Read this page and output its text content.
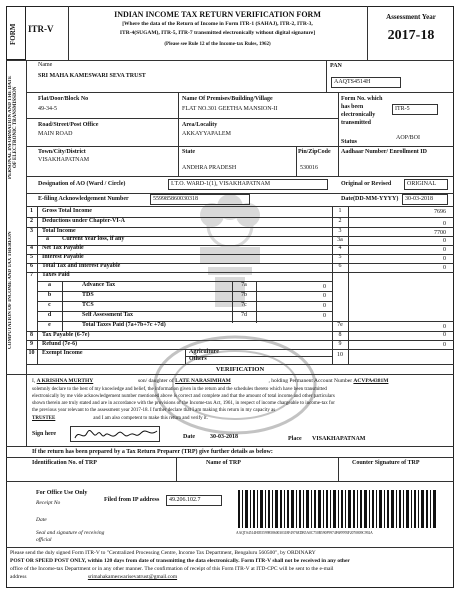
FORM ITR-V
INDIAN INCOME TAX RETURN VERIFICATION FORM
[Where the data of the Return of Income in Form ITR-1 (SAHAJ), ITR-2, ITR-3,
ITR-4(SUGAM), ITR-5, ITR-7 transmitted electronically without digital signature]
(Please see Rule 12 of the Income-tax Rules, 1962)
Assessment Year
2017-18
PERSONAL INFORMATION AND THE DATE OF ELECTRONIC TRANSMISSION
COMPUTATION OF INCOME AND TAX THEREON
Name	PAN
SRI MAHA KAMESWARI SEVA TRUST
AAQTS4514H
Flat/Door/Block No
49-34-5
Name Of Premises/Building/Village
FLAT NO.301 GEETHA MANSION-II
Form No. which has been electronically transmitted
ITR-5
Road/Street/Post Office
MAIN ROAD
Area/Locality
AKKAYYAPALEM
Status
AOP/BOI
Town/City/District
VISAKHAPATNAM
State
ANDHRA PRADESH
Pin/ZipCode
530016
Aadhaar Number/ Enrollment ID
Designation of AO (Ward / Circle)	I.T.O. WARD-1(1), VISAKHAPATNAM	Original or Revised	ORIGINAL
E-filing Acknowledgement Number	559985860030318	Date(DD-MM-YYYY)	30-03-2018
1	Gross Total Income	1	7696
2	Deductions under Chapter-VI-A	2	0
3	Total Income	3	7700
a	Current Year loss, if any	3a	0
4	Net Tax Payable	4	0
5	Interest Payable	5	0
6	Total Tax and Interest Payable	6	0
7	Taxes Paid
a	Advance Tax	7a	0
b	TDS	7b	0
c	TCS	7c	0
d	Self Assessment Tax	7d	0
e	Total Taxes Paid (7a+7b+7c +7d)	7e	0
8	Tax Payable (6-7e)	8	0
9	Refund (7e-6)	9	0
10	Exempt Income	10
Agriculture
Others
VERIFICATION
I, A KRISHNA MURTHY	son/ daughter of LATE NARASIMHAM	, holding Permanent Account Number ACVPA4381M
solemnly declare to the best of my knowledge and belief, the information given in the return and the schedules thereto which have been transmitted
electronically by me vide acknowledgement number mentioned above is correct and complete and that the amount of total income and other particulars
shown therein are truly stated and are in accordance with the provisions of the Income-tax Act, 1961, in respect of income chargeable to income-tax for
the previous year relevant to the assessment year 2017-18. I further declare that I am making this return in my capacity as
TRUSTEE	and I am also competent to make this return and verify it.
Sign here	Date	30-03-2018	Place VISAKHAPATNAM
If the return has been prepared by a Tax Return Preparer (TRP) give further details as below:
Identification No. of TRP	Name of TRP	Counter Signature of TRP
For Office Use Only
Receipt No	Filed from IP address	49.206.102.7
Date
Seal and signature of receiving official
AAQTS4514H05559985860030318F4976EDB5A0C750B590F9974F6FFFBF2070809C992A
Please send the duly signed Form ITR-V to "Centralized Processing Centre, Income Tax Department, Bengaluru 560500", by ORDINARY
POST OR SPEED POST ONLY, within 120 days from date of transmitting the data electronically. Form ITR-V shall not be received in any other
office of the Income-tax Department or in any other manner. The confirmation of receipt of this Form ITR-V at ITD-CPC will be sent to the e-mail
address	srimahakameswarisevatrust@gmail.com
